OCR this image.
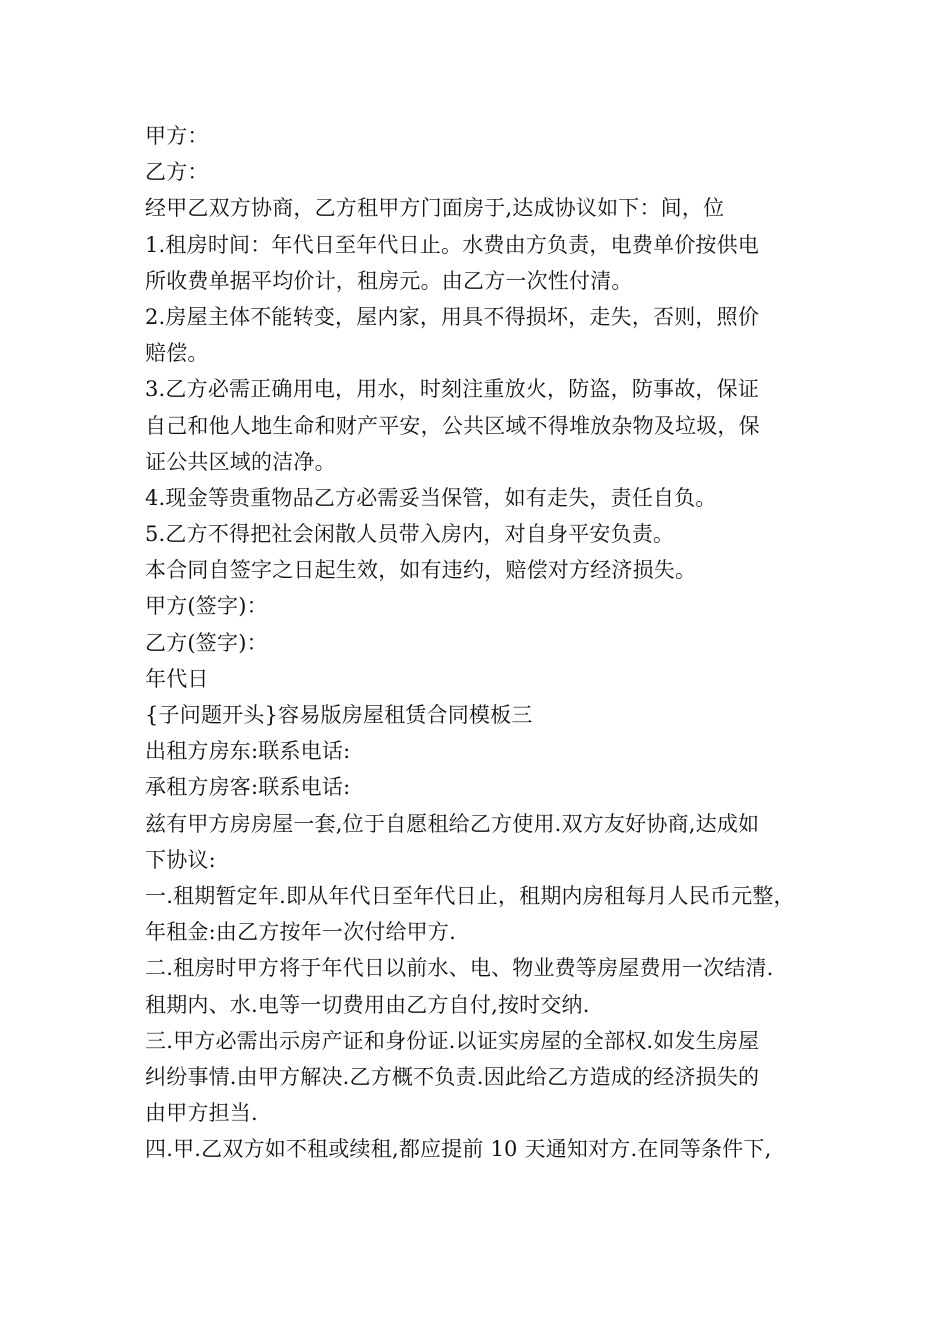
甲方：
乙方：
经甲乙双方协商，乙方租甲方门面房于,达成协议如下：间，位
1.租房时间：年代日至年代日止。水费由方负责，电费单价按供电
所收费单据平均价计，租房元。由乙方一次性付清。
2.房屋主体不能转变，屋内家，用具不得损坏，走失，否则，照价
赔偿。
3.乙方必需正确用电，用水，时刻注重放火，防盗，防事故，保证
自己和他人地生命和财产平安，公共区域不得堆放杂物及垃圾，保
证公共区域的洁净。
4.现金等贵重物品乙方必需妥当保管，如有走失，责任自负。
5.乙方不得把社会闲散人员带入房内，对自身平安负责。
本合同自签字之日起生效，如有违约，赔偿对方经济损失。
甲方(签字)：
乙方(签字)：
年代日
{子问题开头}容易版房屋租赁合同模板三
出租方房东:联系电话:
承租方房客:联系电话:
兹有甲方房房屋一套,位于自愿租给乙方使用.双方友好协商,达成如
下协议:
一.租期暂定年.即从年代日至年代日止，租期内房租每月人民币元整，
年租金:由乙方按年一次付给甲方.
二.租房时甲方将于年代日以前水、电、物业费等房屋费用一次结清.
租期内、水.电等一切费用由乙方自付,按时交纳.
三.甲方必需出示房产证和身份证.以证实房屋的全部权.如发生房屋
纠纷事情.由甲方解决.乙方概不负责.因此给乙方造成的经济损失的
由甲方担当.
四.甲.乙双方如不租或续租,都应提前 10 天通知对方.在同等条件下,
